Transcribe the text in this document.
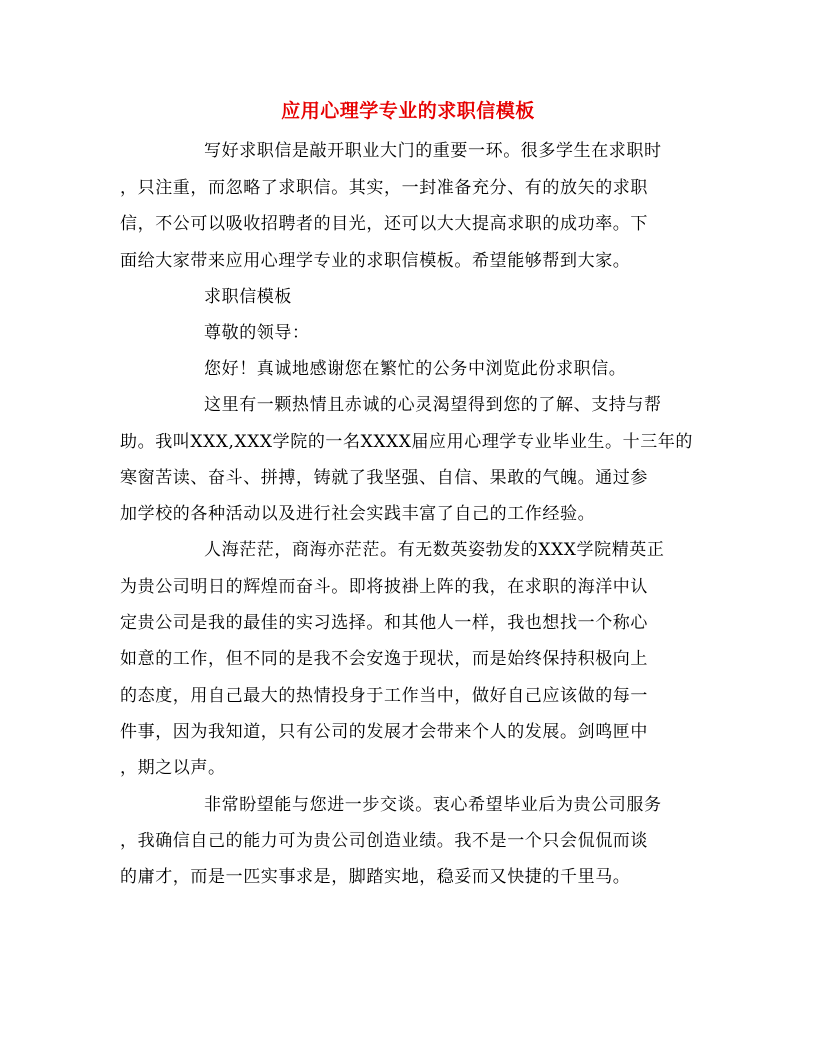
应用心理学专业的求职信模板
写好求职信是敲开职业大门的重要一环。很多学生在求职时
，只注重，而忽略了求职信。其实，一封准备充分、有的放矢的求职
信，不公可以吸收招聘者的目光，还可以大大提高求职的成功率。下
面给大家带来应用心理学专业的求职信模板。希望能够帮到大家。
求职信模板
尊敬的领导：
您好！真诚地感谢您在繁忙的公务中浏览此份求职信。
这里有一颗热情且赤诚的心灵渴望得到您的了解、支持与帮
助。我叫XXX,XXX学院的一名XXXX届应用心理学专业毕业生。十三年的
寒窗苦读、奋斗、拼搏，铸就了我坚强、自信、果敢的气魄。通过参
加学校的各种活动以及进行社会实践丰富了自己的工作经验。
人海茫茫，商海亦茫茫。有无数英姿勃发的XXX学院精英正
为贵公司明日的辉煌而奋斗。即将披褂上阵的我，在求职的海洋中认
定贵公司是我的最佳的实习选择。和其他人一样，我也想找一个称心
如意的工作，但不同的是我不会安逸于现状，而是始终保持积极向上
的态度，用自己最大的热情投身于工作当中，做好自己应该做的每一
件事，因为我知道，只有公司的发展才会带来个人的发展。剑鸣匣中
，期之以声。
非常盼望能与您进一步交谈。衷心希望毕业后为贵公司服务
，我确信自己的能力可为贵公司创造业绩。我不是一个只会侃侃而谈
的庸才，而是一匹实事求是，脚踏实地，稳妥而又快捷的千里马。
